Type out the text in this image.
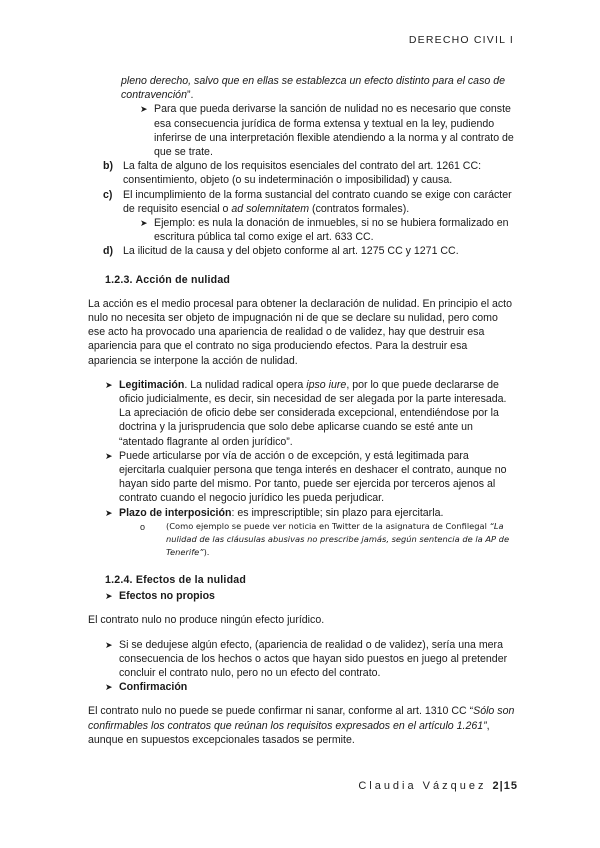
DERECHO CIVIL I

pleno derecho, salvo que en ellas se establezca un efecto distinto para el caso de contravención”.

➤ Para que pueda derivarse la sanción de nulidad no es necesario que conste esa consecuencia jurídica de forma extensa y textual en la ley, pudiendo inferirse de una interpretación flexible atendiendo a la norma y al contrato de que se trate.
b) La falta de alguno de los requisitos esenciales del contrato del art. 1261 CC: consentimiento, objeto (o su indeterminación o imposibilidad) y causa.
c) El incumplimiento de la forma sustancial del contrato cuando se exige con carácter de requisito esencial o ad solemnitatem (contratos formales).
➤ Ejemplo: es nula la donación de inmuebles, si no se hubiera formalizado en escritura pública tal como exige el art. 633 CC.
d) La ilicitud de la causa y del objeto conforme al art. 1275 CC y 1271 CC.
1.2.3. Acción de nulidad

La acción es el medio procesal para obtener la declaración de nulidad. En principio el acto nulo no necesita ser objeto de impugnación ni de que se declare su nulidad, pero como ese acto ha provocado una apariencia de realidad o de validez, hay que destruir esa apariencia para que el contrato no siga produciendo efectos. Para la destruir esa apariencia se interpone la acción de nulidad.

➤ Legitimación. La nulidad radical opera ipso iure, por lo que puede declararse de oficio judicialmente, es decir, sin necesidad de ser alegada por la parte interesada. La apreciación de oficio debe ser considerada excepcional, entendiéndose por la doctrina y la jurisprudencia que solo debe aplicarse cuando se esté ante un “atentado flagrante al orden jurídico”.
➤ Puede articularse por vía de acción o de excepción, y está legitimada para ejercitarla cualquier persona que tenga interés en deshacer el contrato, aunque no hayan sido parte del mismo. Por tanto, puede ser ejercida por terceros ajenos al contrato cuando el negocio jurídico les pueda perjudicar.
➤ Plazo de interposición: es imprescriptible; sin plazo para ejercitarla.
o	(Como ejemplo se puede ver noticia en Twitter de la asignatura de Confilegal “La nulidad de las cláusulas abusivas no prescribe jamás, según sentencia de la AP de Tenerife”).
1.2.4. Efectos de la nulidad
➤ Efectos no propios

El contrato nulo no produce ningún efecto jurídico.

➤ Si se dedujese algún efecto, (apariencia de realidad o de validez), sería una mera consecuencia de los hechos o actos que hayan sido puestos en juego al pretender concluir el contrato nulo, pero no un efecto del contrato.
➤ Confirmación

El contrato nulo no puede se puede confirmar ni sanar, conforme al art. 1310 CC “Sólo son confirmables los contratos que reúnan los requisitos expresados en el artículo 1.261”, aunque en supuestos excepcionales tasados se permite.

Claudia Vázquez 2|15
